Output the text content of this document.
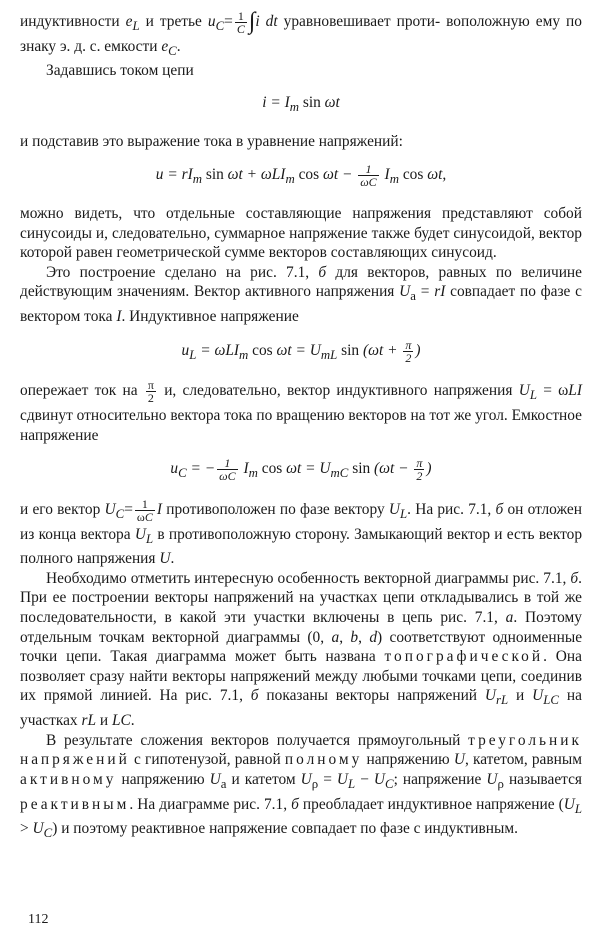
индуктивности $e_L$ и третье $u_C= \frac{1}{C} \int i$ dt уравновешивает проти- воположную ему по знаку э. д. с. емкости $e_C$.

Задавшись током цепи

$i = I_m$ sin ωt

и подставив это выражение тока в уравнение напряжений:

$u = rI_m$ sin ωt + ωLI$_m$ $\cos \omega t - \frac{1}{\omega C} I_m$ cos ωt,

можно видеть, что отдельные составляющие напряжения представляют собой синусоиды и, следовательно, суммарное напряжение также будет синусоидой, вектор которой равен геометрической сумме векторов составляющих синусоид.

Это построение сделано на рис. 7.1, б для векторов, равных по величине действующим значениям. Вектор активного напряжения $U_а$ = rI совпадает по фазе с вектором тока I. Индуктивное напряжение

$u_L = \omega LI_m$ $\cos \omega t = U_{mL}$ $\sin (\omega t + \frac{\pi}{2}$ )

опережает ток на $\frac{\pi}{2} и$, следовательно, вектор индуктивного напряжения $U_L = \omega LI$ сдвинут относительно вектора тока по вращению векторов на тот же угол. Емкостное напряжение

$u_C$ = − $\frac{1}{\omega C} I_m$ $\cos \omega t = U_{mC}$ $\sin (\omega t - \frac{\pi}{2}$ )

и его вектор $U_C= \frac{1}{\omega C}$ I противоположен по фазе вектору $U_L$. На рис. 7.1, б он отложен из конца вектора $U_L$ в противоположную сторону. Замыкающий вектор и есть вектор полного напряжения U.

Необходимо отметить интересную особенность векторной диаграммы рис. 7.1, б. При ее построении векторы напряжений на участках цепи откладывались в той же последовательности, в какой эти участки включены в цепь рис. 7.1, а. Поэтому отдельным точкам векторной диаграммы (0, a, b, d) соответствуют одноименные точки цепи. Такая диаграмма может быть названа топографической. Она позволяет сразу найти векторы напряжений между любыми точками цепи, соединив их прямой линией. На рис. 7.1, б показаны векторы напряжений $U_{rL}$ и $U_{LC}$ на участках rL и LC.

В результате сложения векторов получается прямоугольный треугольник напряжений с гипотенузой, равной полному напряжению U, катетом, равным активному напряжению $U_а$ и катетом $U_\rho = U_L - U_C$; напряжение $U_\rho$ называется реактивным. На диаграмме рис. 7.1, б преобладает индуктивное напряжение $(U_L > U_C)$ и поэтому реактивное напряжение совпадает по фазе с индуктивным.

112
